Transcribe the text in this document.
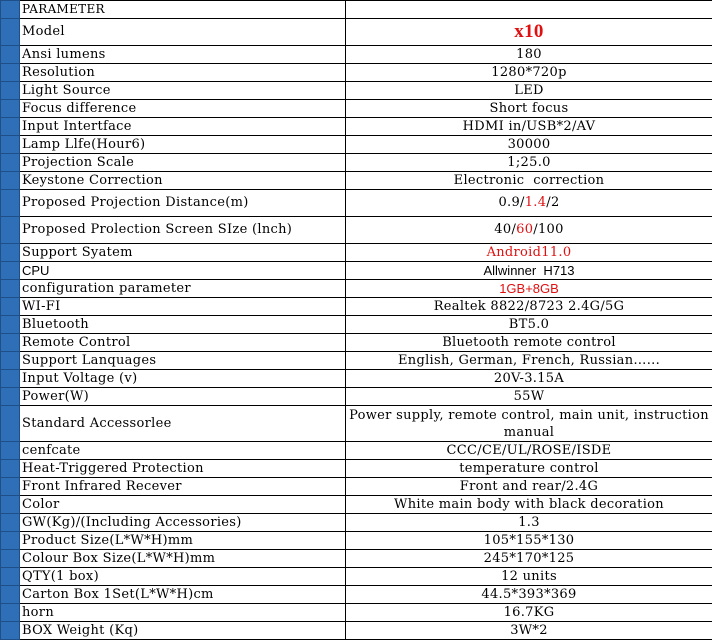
	PARAMETER	
	Model	x10
	Ansi lumens	180
	Resolution	1280*720p
	Light Source	LED
	Focus difference	Short focus
	Input Intertface	HDMI in/USB*2/AV
	Lamp Llfe(Hour6)	30000
	Projection Scale	1;25.0
	Keystone Correction	Electronic  correction
	Proposed Projection Distance(m)	0.9/1.4/2
	Proposed Prolection Screen SIze (lnch)	40/60/100
	Support Syatem	Android11.0
	CPU	Allwinner  H713
	configuration parameter	1GB+8GB
	WI-FI	Realtek 8822/8723 2.4G/5G
	Bluetooth	BT5.0
	Remote Control	Bluetooth remote control
	Support Lanquages	English, German, French, Russian…...
	Input Voltage (v)	20V-3.15A
	Power(W)	55W
	Standard Accessorlee	Power supply, remote control, main unit, instruction manual
	cenfcate	CCC/CE/UL/ROSE/ISDE
	Heat-Triggered Protection	temperature control
	Front Infrared Recever	Front and rear/2.4G
	Color	White main body with black decoration
	GW(Kg)/(Including Accessories)	1.3
	Product Size(L*W*H)mm	105*155*130
	Colour Box Size(L*W*H)mm	245*170*125
	QTY(1 box)	12 units
	Carton Box 1Set(L*W*H)cm	44.5*393*369
	horn	16.7KG
	BOX Weight (Kq)	3W*2
